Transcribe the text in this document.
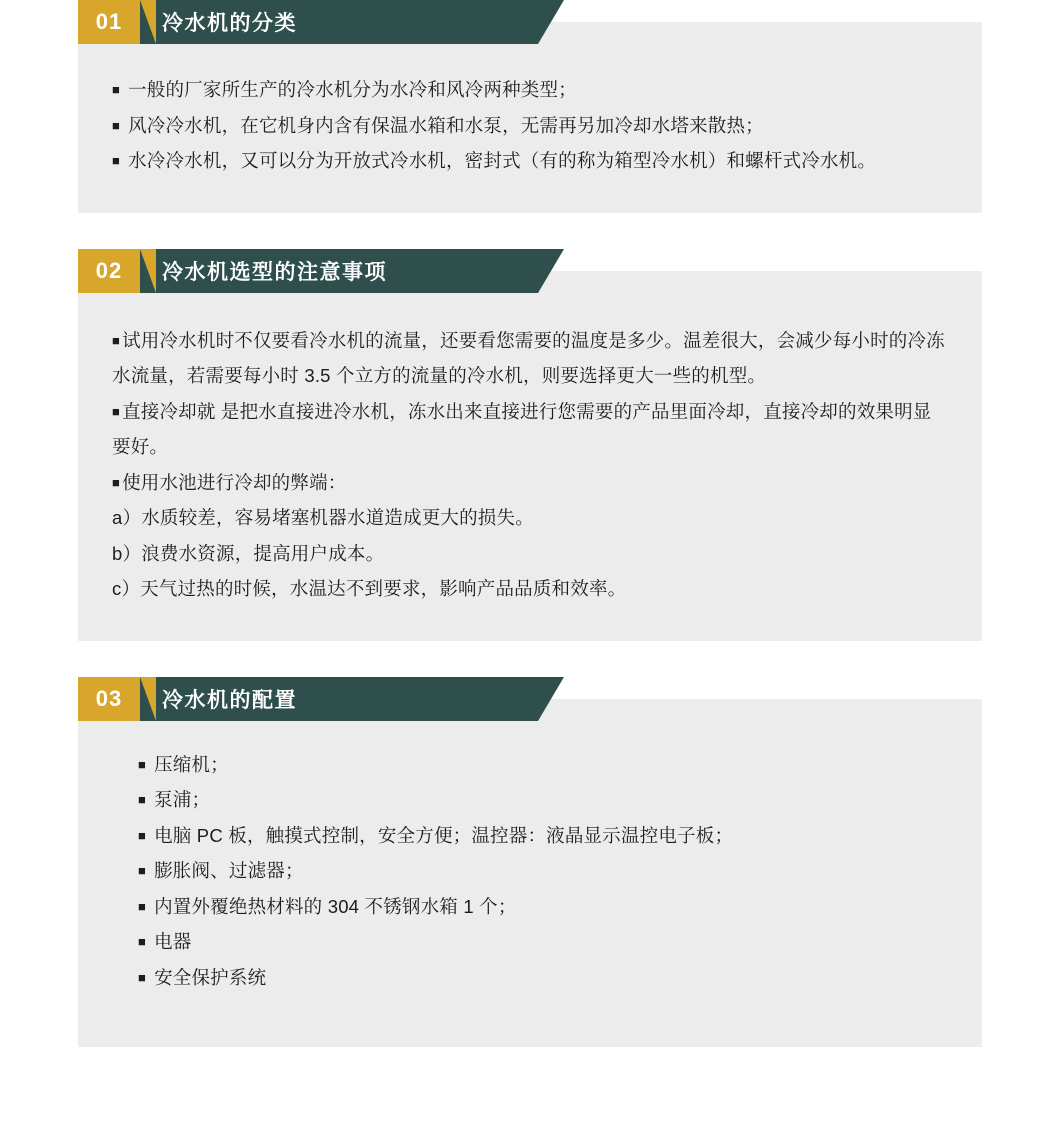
01	冷水机的分类

■ 一般的厂家所生产的冷水机分为水冷和风冷两种类型；
■ 风冷冷水机，在它机身内含有保温水箱和水泵，无需再另加冷却水塔来散热；
■ 水冷冷水机，又可以分为开放式冷水机，密封式（有的称为箱型冷水机）和螺杆式冷水机。

02	冷水机选型的注意事项

■ 试用冷水机时不仅要看冷水机的流量，还要看您需要的温度是多少。温差很大，会减少每小时的冷冻水流量，若需要每小时 3.5 个立方的流量的冷水机，则要选择更大一些的机型。

■ 直接冷却就 是把水直接进冷水机，冻水出来直接进行您需要的产品里面冷却，直接冷却的效果明显要好。

■ 使用水池进行冷却的弊端：

a）水质较差，容易堵塞机器水道造成更大的损失。

b）浪费水资源，提高用户成本。

c）天气过热的时候，水温达不到要求，影响产品品质和效率。

03	冷水机的配置

■ 压缩机；

■ 泵浦；

■ 电脑 PC 板，触摸式控制，安全方便；温控器：液晶显示温控电子板；

■ 膨胀阀、过滤器；

■ 内置外覆绝热材料的 304 不锈钢水箱 1 个；

■ 电器

■ 安全保护系统
